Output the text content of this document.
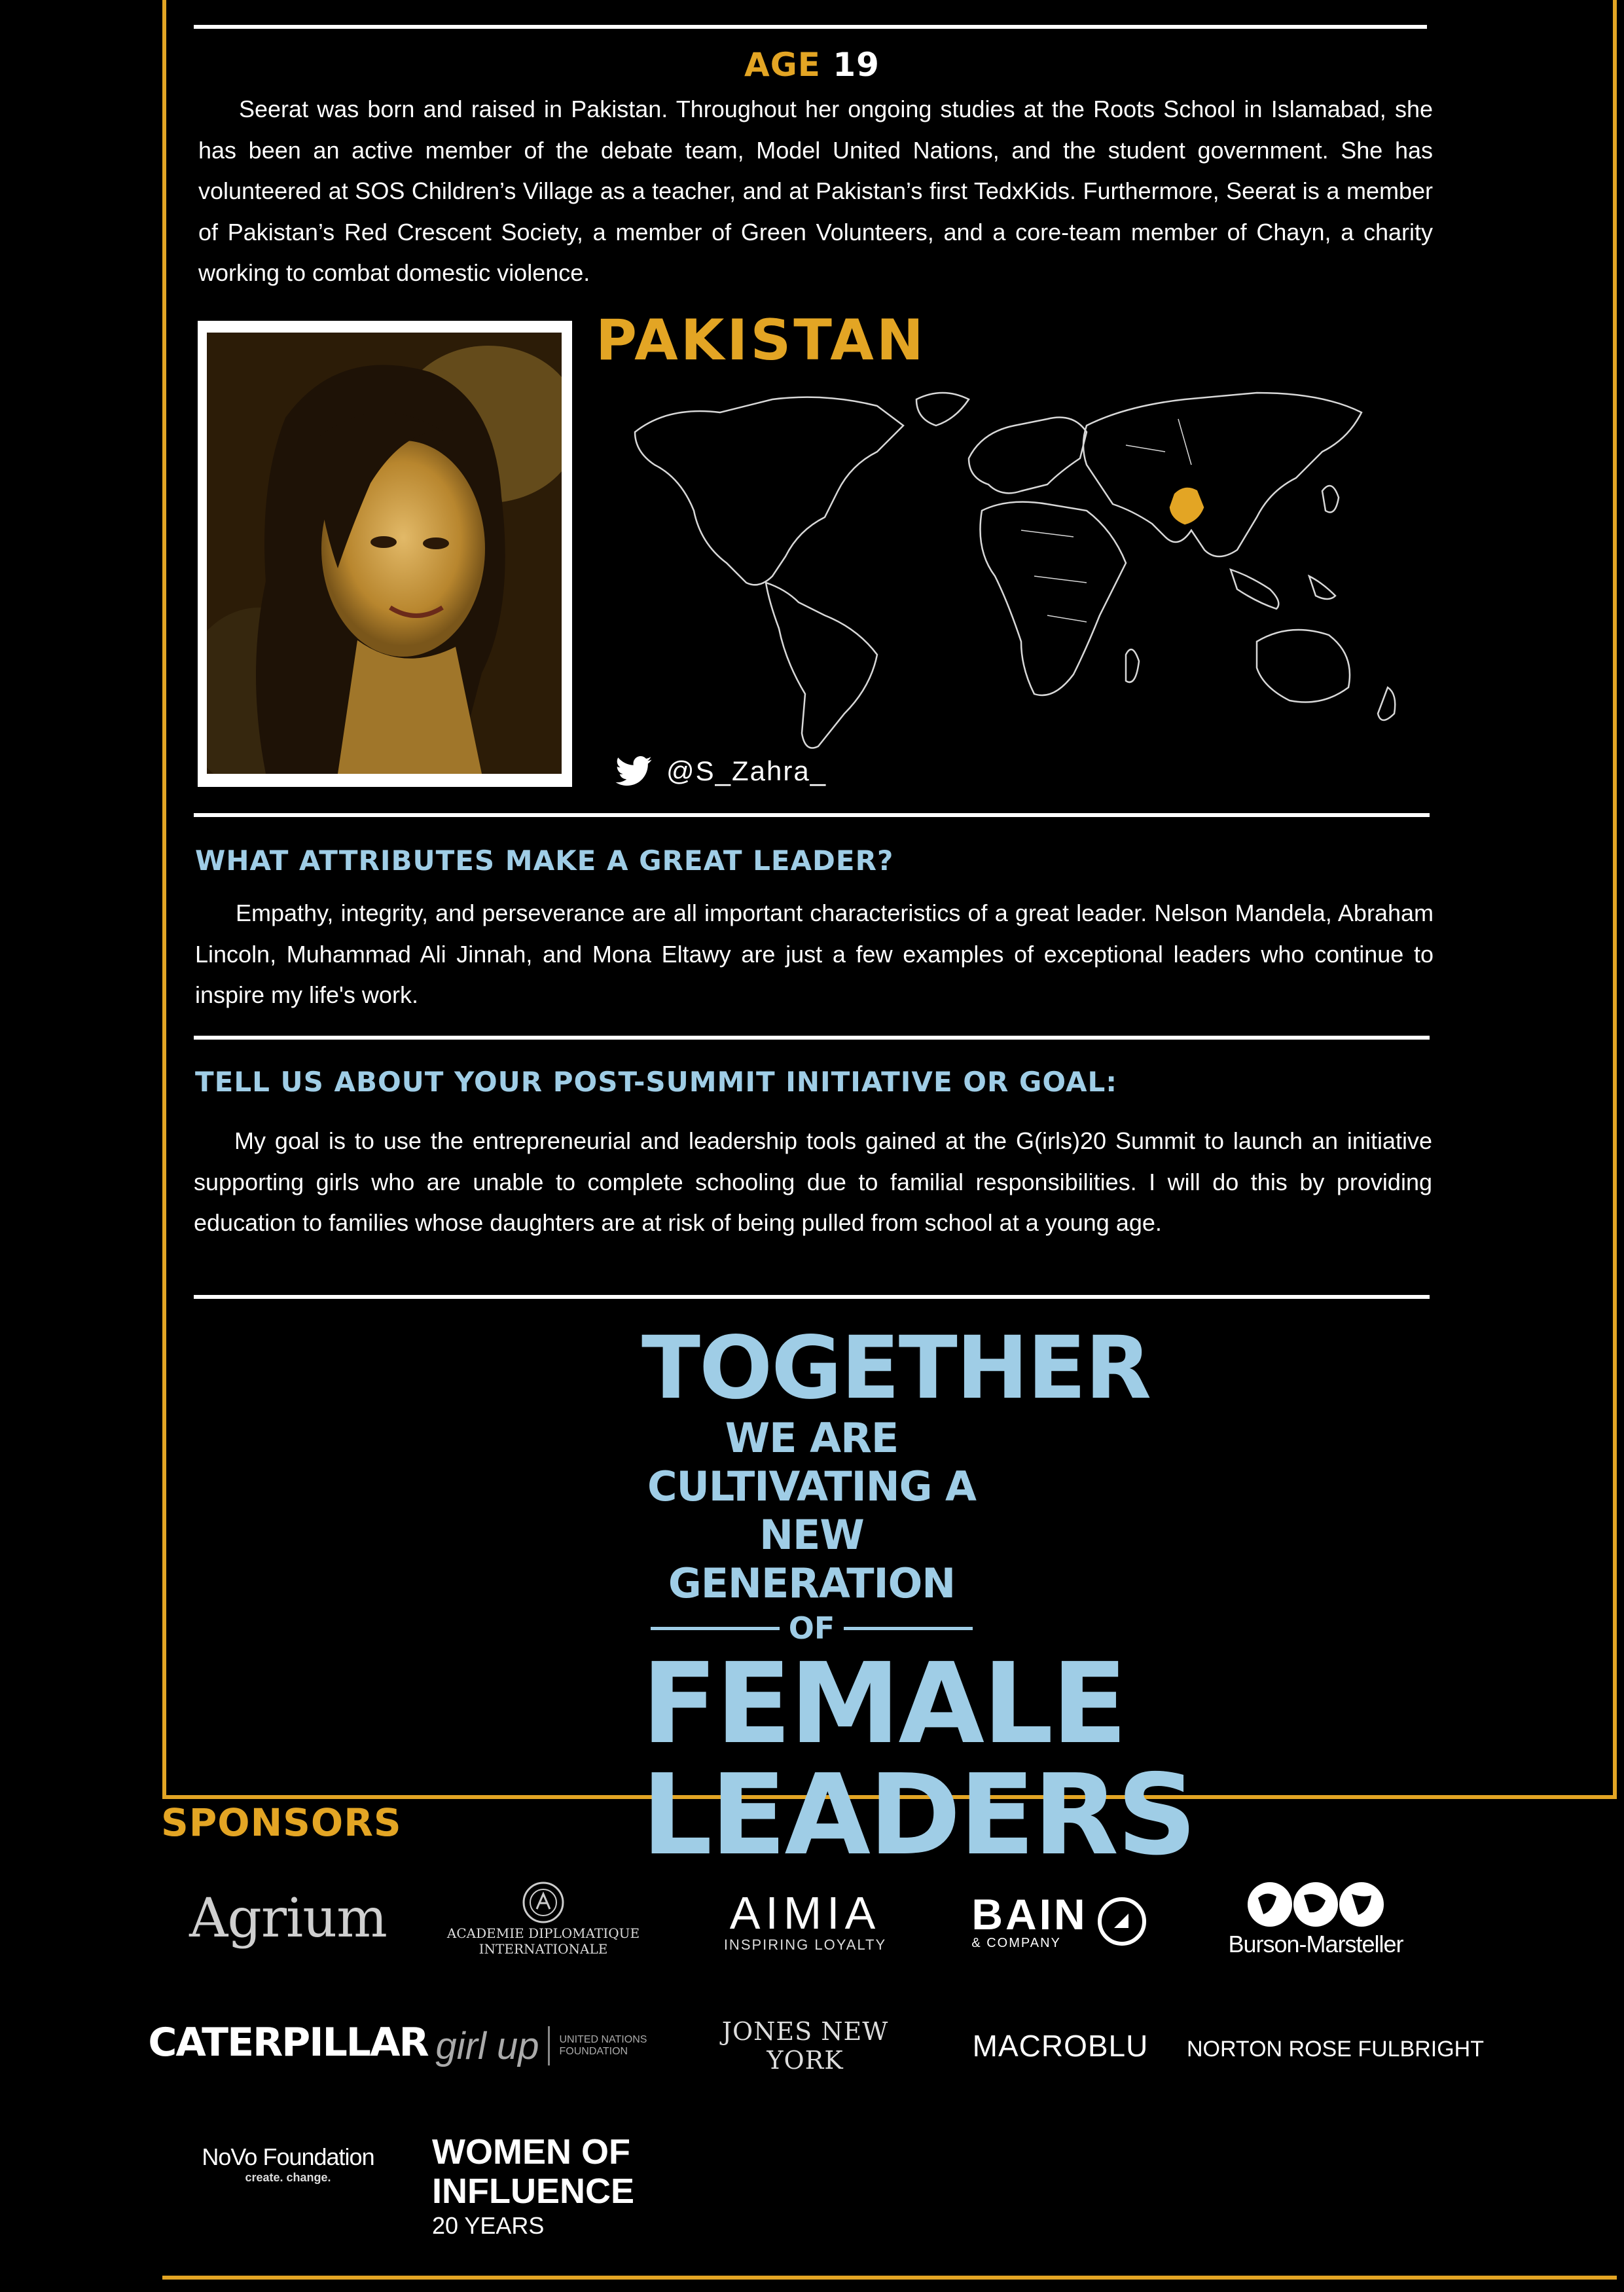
AGE 19
Seerat was born and raised in Pakistan. Throughout her ongoing studies at the Roots School in Islamabad, she has been an active member of the debate team, Model United Nations, and the student government. She has volunteered at SOS Children’s Village as a teacher, and at Pakistan’s first TedxKids. Furthermore, Seerat is a member of Pakistan’s Red Crescent Society, a member of Green Volunteers, and a core-team member of Chayn, a charity working to combat domestic violence.
PAKISTAN
@S_Zahra_
WHAT ATTRIBUTES MAKE A GREAT LEADER?
Empathy, integrity, and perseverance are all important characteristics of a great leader. Nelson Mandela, Abraham Lincoln, Muhammad Ali Jinnah, and Mona Eltawy are just a few examples of exceptional leaders who continue to inspire my life's work.
TELL US ABOUT YOUR POST-SUMMIT INITIATIVE OR GOAL:
My goal is to use the entrepreneurial and leadership tools gained at the G(irls)20 Summit to launch an initiative supporting girls who are unable to complete schooling due to familial responsibilities. I will do this by providing education to families whose daughters are at risk of being pulled from school at a young age.
TOGETHER
WE ARE CULTIVATING A
NEW GENERATION
OF
FEMALE
LEADERS
SPONSORS
Agrium	ACADEMIE DIPLOMATIQUE
INTERNATIONALE
AIMIA
INSPIRING LOYALTY
BAIN
& COMPANY	Burson-Marsteller
CATERPILLAR girl up UNITED NATIONS FOUNDATION
JONES NEW YORK	MACROBLU NORTON ROSE FULBRIGHT
NoVo Foundation
create. change.
WOMEN OF
INFLUENCE
20 YEARS
